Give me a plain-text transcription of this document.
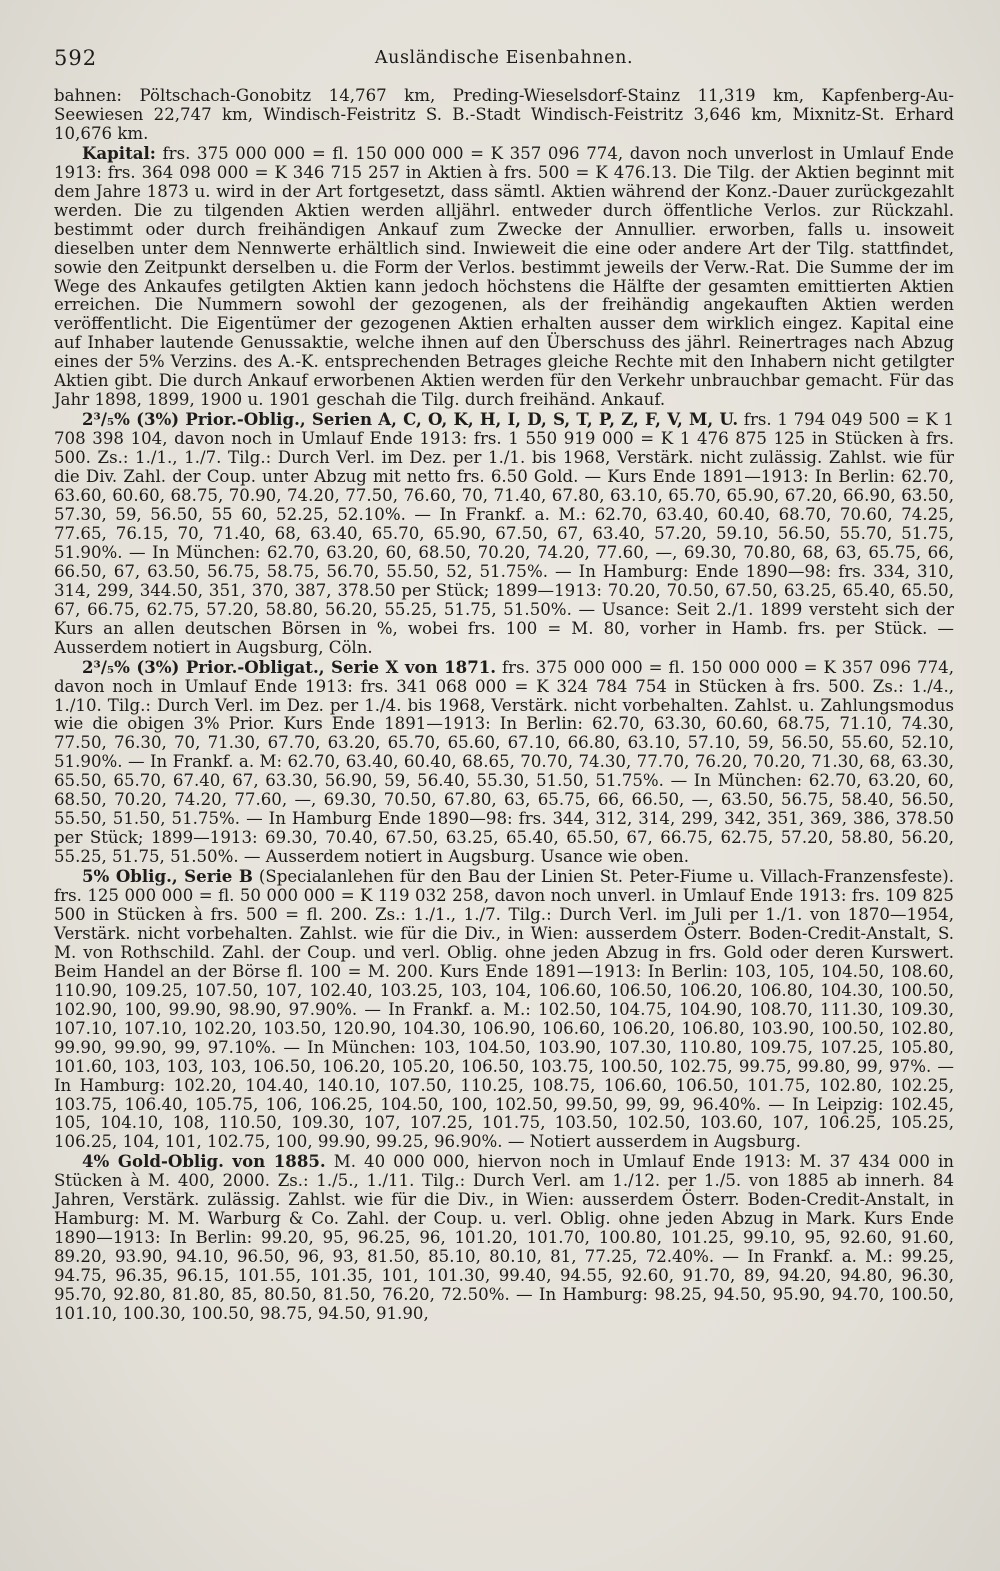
592	Ausländische Eisenbahnen.

bahnen: Pöltschach-Gonobitz 14,767 km, Preding-Wieselsdorf-Stainz 11,319 km, Kapfenberg-Au-Seewiesen 22,747 km, Windisch-Feistritz S. B.-Stadt Windisch-Feistritz 3,646 km, Mixnitz-St. Erhard 10,676 km.

Kapital: frs. 375 000 000 = fl. 150 000 000 = K 357 096 774, davon noch unverlost in Umlauf Ende 1913: frs. 364 098 000 = K 346 715 257 in Aktien à frs. 500 = K 476.13. Die Tilg. der Aktien beginnt mit dem Jahre 1873 u. wird in der Art fortgesetzt, dass sämtl. Aktien während der Konz.-Dauer zurückgezahlt werden. Die zu tilgenden Aktien werden alljährl. entweder durch öffentliche Verlos. zur Rückzahl. bestimmt oder durch freihändigen Ankauf zum Zwecke der Annullier. erworben, falls u. insoweit dieselben unter dem Nennwerte erhältlich sind. Inwieweit die eine oder andere Art der Tilg. stattfindet, sowie den Zeitpunkt derselben u. die Form der Verlos. bestimmt jeweils der Verw.-Rat. Die Summe der im Wege des Ankaufes getilgten Aktien kann jedoch höchstens die Hälfte der gesamten emittierten Aktien erreichen. Die Nummern sowohl der gezogenen, als der freihändig angekauften Aktien werden veröffentlicht. Die Eigentümer der gezogenen Aktien erhalten ausser dem wirklich eingez. Kapital eine auf Inhaber lautende Genussaktie, welche ihnen auf den Überschuss des jährl. Reinertrages nach Abzug eines der 5% Verzins. des A.-K. entsprechenden Betrages gleiche Rechte mit den Inhabern nicht getilgter Aktien gibt. Die durch Ankauf erworbenen Aktien werden für den Verkehr unbrauchbar gemacht. Für das Jahr 1898, 1899, 1900 u. 1901 geschah die Tilg. durch freihänd. Ankauf.

2³/₅% (3%) Prior.-Oblig., Serien A, C, O, K, H, I, D, S, T, P, Z, F, V, M, U. frs. 1 794 049 500 = K 1 708 398 104, davon noch in Umlauf Ende 1913: frs. 1 550 919 000 = K 1 476 875 125 in Stücken à frs. 500. Zs.: 1./1., 1./7. Tilg.: Durch Verl. im Dez. per 1./1. bis 1968, Verstärk. nicht zulässig. Zahlst. wie für die Div. Zahl. der Coup. unter Abzug mit netto frs. 6.50 Gold. — Kurs Ende 1891—1913: In Berlin: 62.70, 63.60, 60.60, 68.75, 70.90, 74.20, 77.50, 76.60, 70, 71.40, 67.80, 63.10, 65.70, 65.90, 67.20, 66.90, 63.50, 57.30, 59, 56.50, 55 60, 52.25, 52.10%. — In Frankf. a. M.: 62.70, 63.40, 60.40, 68.70, 70.60, 74.25, 77.65, 76.15, 70, 71.40, 68, 63.40, 65.70, 65.90, 67.50, 67, 63.40, 57.20, 59.10, 56.50, 55.70, 51.75, 51.90%. — In München: 62.70, 63.20, 60, 68.50, 70.20, 74.20, 77.60, —, 69.30, 70.80, 68, 63, 65.75, 66, 66.50, 67, 63.50, 56.75, 58.75, 56.70, 55.50, 52, 51.75%. — In Hamburg: Ende 1890—98: frs. 334, 310, 314, 299, 344.50, 351, 370, 387, 378.50 per Stück; 1899—1913: 70.20, 70.50, 67.50, 63.25, 65.40, 65.50, 67, 66.75, 62.75, 57.20, 58.80, 56.20, 55.25, 51.75, 51.50%. — Usance: Seit 2./1. 1899 versteht sich der Kurs an allen deutschen Börsen in %, wobei frs. 100 = M. 80, vorher in Hamb. frs. per Stück. — Ausserdem notiert in Augsburg, Cöln.

2³/₅% (3%) Prior.-Obligat., Serie X von 1871. frs. 375 000 000 = fl. 150 000 000 = K 357 096 774, davon noch in Umlauf Ende 1913: frs. 341 068 000 = K 324 784 754 in Stücken à frs. 500. Zs.: 1./4., 1./10. Tilg.: Durch Verl. im Dez. per 1./4. bis 1968, Verstärk. nicht vorbehalten. Zahlst. u. Zahlungsmodus wie die obigen 3% Prior. Kurs Ende 1891—1913: In Berlin: 62.70, 63.30, 60.60, 68.75, 71.10, 74.30, 77.50, 76.30, 70, 71.30, 67.70, 63.20, 65.70, 65.60, 67.10, 66.80, 63.10, 57.10, 59, 56.50, 55.60, 52.10, 51.90%. — In Frankf. a. M: 62.70, 63.40, 60.40, 68.65, 70.70, 74.30, 77.70, 76.20, 70.20, 71.30, 68, 63.30, 65.50, 65.70, 67.40, 67, 63.30, 56.90, 59, 56.40, 55.30, 51.50, 51.75%. — In München: 62.70, 63.20, 60, 68.50, 70.20, 74.20, 77.60, —, 69.30, 70.50, 67.80, 63, 65.75, 66, 66.50, —, 63.50, 56.75, 58.40, 56.50, 55.50, 51.50, 51.75%. — In Hamburg Ende 1890—98: frs. 344, 312, 314, 299, 342, 351, 369, 386, 378.50 per Stück; 1899—1913: 69.30, 70.40, 67.50, 63.25, 65.40, 65.50, 67, 66.75, 62.75, 57.20, 58.80, 56.20, 55.25, 51.75, 51.50%. — Ausserdem notiert in Augsburg. Usance wie oben.

5% Oblig., Serie B (Specialanlehen für den Bau der Linien St. Peter-Fiume u. Villach-Franzensfeste). frs. 125 000 000 = fl. 50 000 000 = K 119 032 258, davon noch unverl. in Umlauf Ende 1913: frs. 109 825 500 in Stücken à frs. 500 = fl. 200. Zs.: 1./1., 1./7. Tilg.: Durch Verl. im Juli per 1./1. von 1870—1954, Verstärk. nicht vorbehalten. Zahlst. wie für die Div., in Wien: ausserdem Österr. Boden-Credit-Anstalt, S. M. von Rothschild. Zahl. der Coup. und verl. Oblig. ohne jeden Abzug in frs. Gold oder deren Kurswert. Beim Handel an der Börse fl. 100 = M. 200. Kurs Ende 1891—1913: In Berlin: 103, 105, 104.50, 108.60, 110.90, 109.25, 107.50, 107, 102.40, 103.25, 103, 104, 106.60, 106.50, 106.20, 106.80, 104.30, 100.50, 102.90, 100, 99.90, 98.90, 97.90%. — In Frankf. a. M.: 102.50, 104.75, 104.90, 108.70, 111.30, 109.30, 107.10, 107.10, 102.20, 103.50, 120.90, 104.30, 106.90, 106.60, 106.20, 106.80, 103.90, 100.50, 102.80, 99.90, 99.90, 99, 97.10%. — In München: 103, 104.50, 103.90, 107.30, 110.80, 109.75, 107.25, 105.80, 101.60, 103, 103, 103, 106.50, 106.20, 105.20, 106.50, 103.75, 100.50, 102.75, 99.75, 99.80, 99, 97%. — In Hamburg: 102.20, 104.40, 140.10, 107.50, 110.25, 108.75, 106.60, 106.50, 101.75, 102.80, 102.25, 103.75, 106.40, 105.75, 106, 106.25, 104.50, 100, 102.50, 99.50, 99, 99, 96.40%. — In Leipzig: 102.45, 105, 104.10, 108, 110.50, 109.30, 107, 107.25, 101.75, 103.50, 102.50, 103.60, 107, 106.25, 105.25, 106.25, 104, 101, 102.75, 100, 99.90, 99.25, 96.90%. — Notiert ausserdem in Augsburg.

4% Gold-Oblig. von 1885. M. 40 000 000, hiervon noch in Umlauf Ende 1913: M. 37 434 000 in Stücken à M. 400, 2000. Zs.: 1./5., 1./11. Tilg.: Durch Verl. am 1./12. per 1./5. von 1885 ab innerh. 84 Jahren, Verstärk. zulässig. Zahlst. wie für die Div., in Wien: ausserdem Österr. Boden-Credit-Anstalt, in Hamburg: M. M. Warburg & Co. Zahl. der Coup. u. verl. Oblig. ohne jeden Abzug in Mark. Kurs Ende 1890—1913: In Berlin: 99.20, 95, 96.25, 96, 101.20, 101.70, 100.80, 101.25, 99.10, 95, 92.60, 91.60, 89.20, 93.90, 94.10, 96.50, 96, 93, 81.50, 85.10, 80.10, 81, 77.25, 72.40%. — In Frankf. a. M.: 99.25, 94.75, 96.35, 96.15, 101.55, 101.35, 101, 101.30, 99.40, 94.55, 92.60, 91.70, 89, 94.20, 94.80, 96.30, 95.70, 92.80, 81.80, 85, 80.50, 81.50, 76.20, 72.50%. — In Hamburg: 98.25, 94.50, 95.90, 94.70, 100.50, 101.10, 100.30, 100.50, 98.75, 94.50, 91.90,
